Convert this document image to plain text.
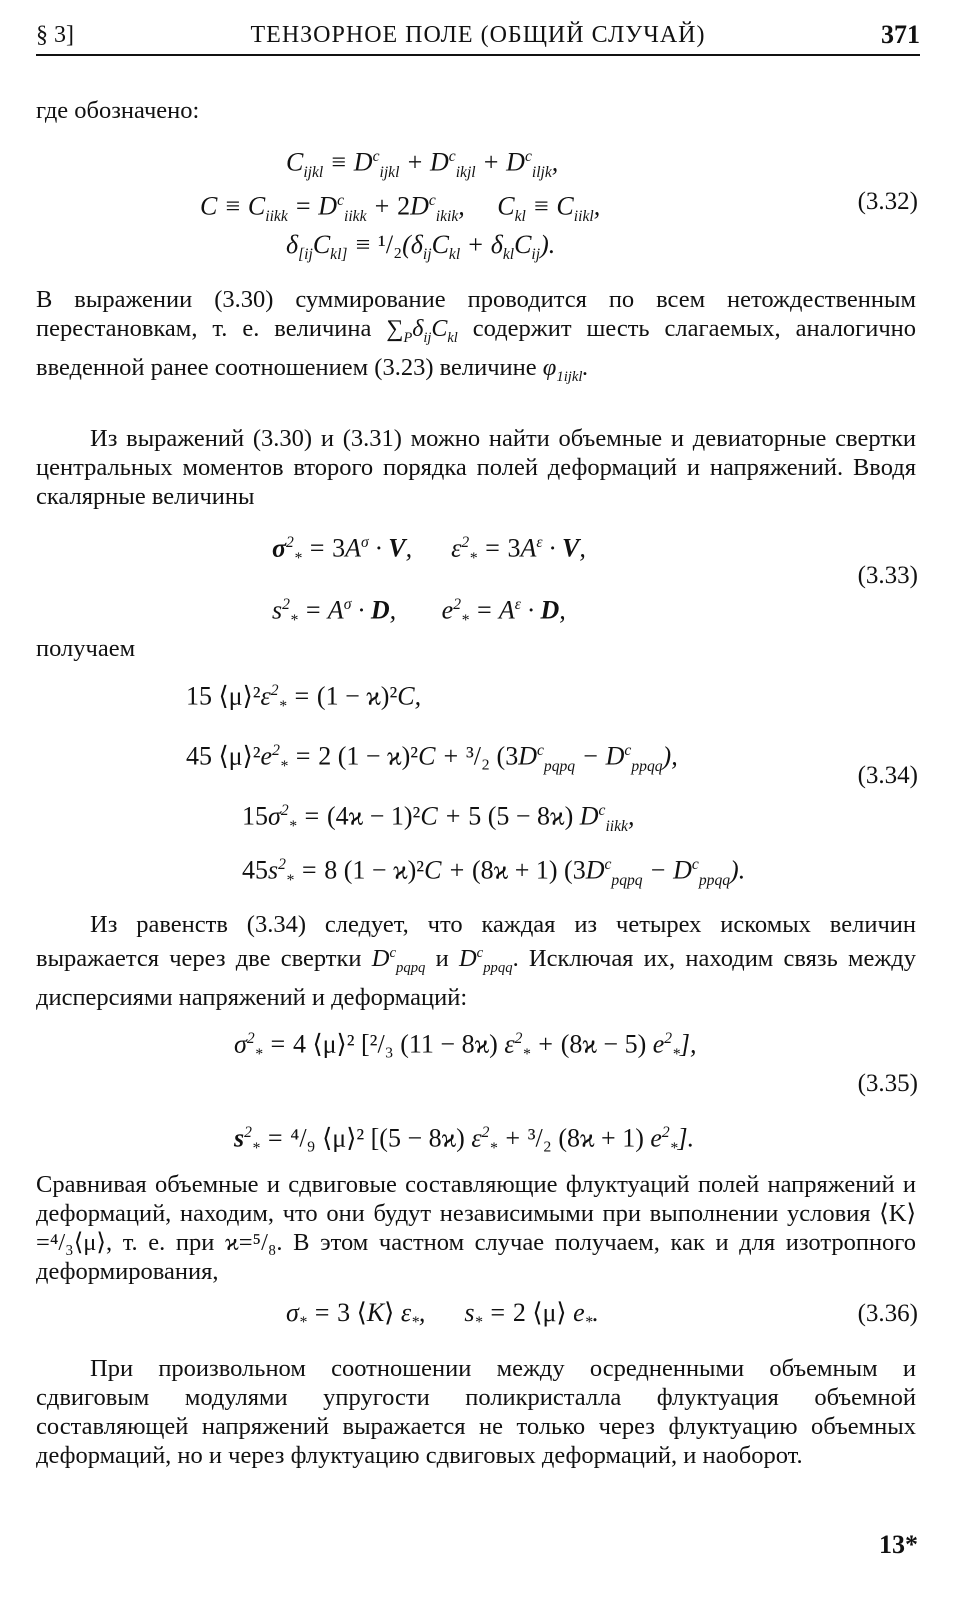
§ 3]	ТЕНЗОРНОЕ ПОЛЕ (ОБЩИЙ СЛУЧАЙ)	371
где обозначено:
$C_{ijkl} \equiv D^c_{ijkl} + D^c_{ikjl} + D^c_{iljk}$,
$C \equiv C_{iikk} = D^c_{iikk} + 2D^c_{ikik}$,     $C_{kl} \equiv C_{iikl}$,
$\delta_{[ij}C_{kl]} \equiv ^1/_2(\delta_{ij}C_{kl} + \delta_{kl}C_{ij})$.
(3.32)
В выражении (3.30) суммирование проводится по всем нетождественным перестановкам, т. е. величина $\sum_P\delta_{ij}C_{kl}$ содержит шесть слагаемых, аналогично введенной ранее соотношением (3.23) величине $\varphi_{1ijkl}$.
Из выражений (3.30) и (3.31) можно найти объемные и девиаторные свертки центральных моментов второго порядка полей деформаций и напряжений. Вводя скалярные величины
$\sigma^2_* = 3A^\sigma \cdot V$,      $\varepsilon^2_* = 3A^\varepsilon \cdot V$,
$s^2_* = A^\sigma \cdot D$,       $e^2_* = A^\varepsilon \cdot D$,
(3.33)
получаем
15 $⟨\mu⟩^2\varepsilon^2_* = (1 - ϰ)^2C$,
45 $⟨\mu⟩^2e^2_* = 2$ (1 − ϰ)²C + ³/₂ $(3D^c_{pqpq} - D^c_{ppqq})$,
$15\sigma^2_* = (4ϰ - 1)^2C + 5$ (5 − 8ϰ) $D^c_{iikk}$,
$45s^2_* = 8$ (1 − ϰ)²C + (8ϰ + 1) $(3D^c_{pqpq} - D^c_{ppqq})$.
(3.34)
Из равенств (3.34) следует, что каждая из четырех искомых величин выражается через две свертки $D^c_{pqpq}$ и $D^c_{ppqq}$. Исключая их, находим связь между дисперсиями напряжений и деформаций:
$\sigma^2_* = 4$ ⟨μ⟩² [²/₃ (11 − 8ϰ) $\varepsilon^2_* + (8ϰ - 5)$ $e^2_*$],
$s^2_* = ^4/_9$ ⟨μ⟩² [(5 − 8ϰ) $\varepsilon^2_* + ^3/_2$ (8ϰ + 1) $e^2_*$].
(3.35)
Сравнивая объемные и сдвиговые составляющие флуктуаций полей напряжений и деформаций, находим, что они будут независимыми при выполнении условия ⟨K⟩=⁴/₃⟨μ⟩, т. е. при ϰ=⁵/₈. В этом частном случае получаем, как и для изотропного деформирования,
$\sigma_* = 3$ ⟨K⟩ $\varepsilon_*$,      $s_* = 2$ ⟨μ⟩ $e_*$.	(3.36)
При произвольном соотношении между осредненными объемным и сдвиговым модулями упругости поликристалла флуктуация объемной составляющей напряжений выражается не только через флуктуацию объемных деформаций, но и через флуктуацию сдвиговых деформаций, и наоборот.
13*
